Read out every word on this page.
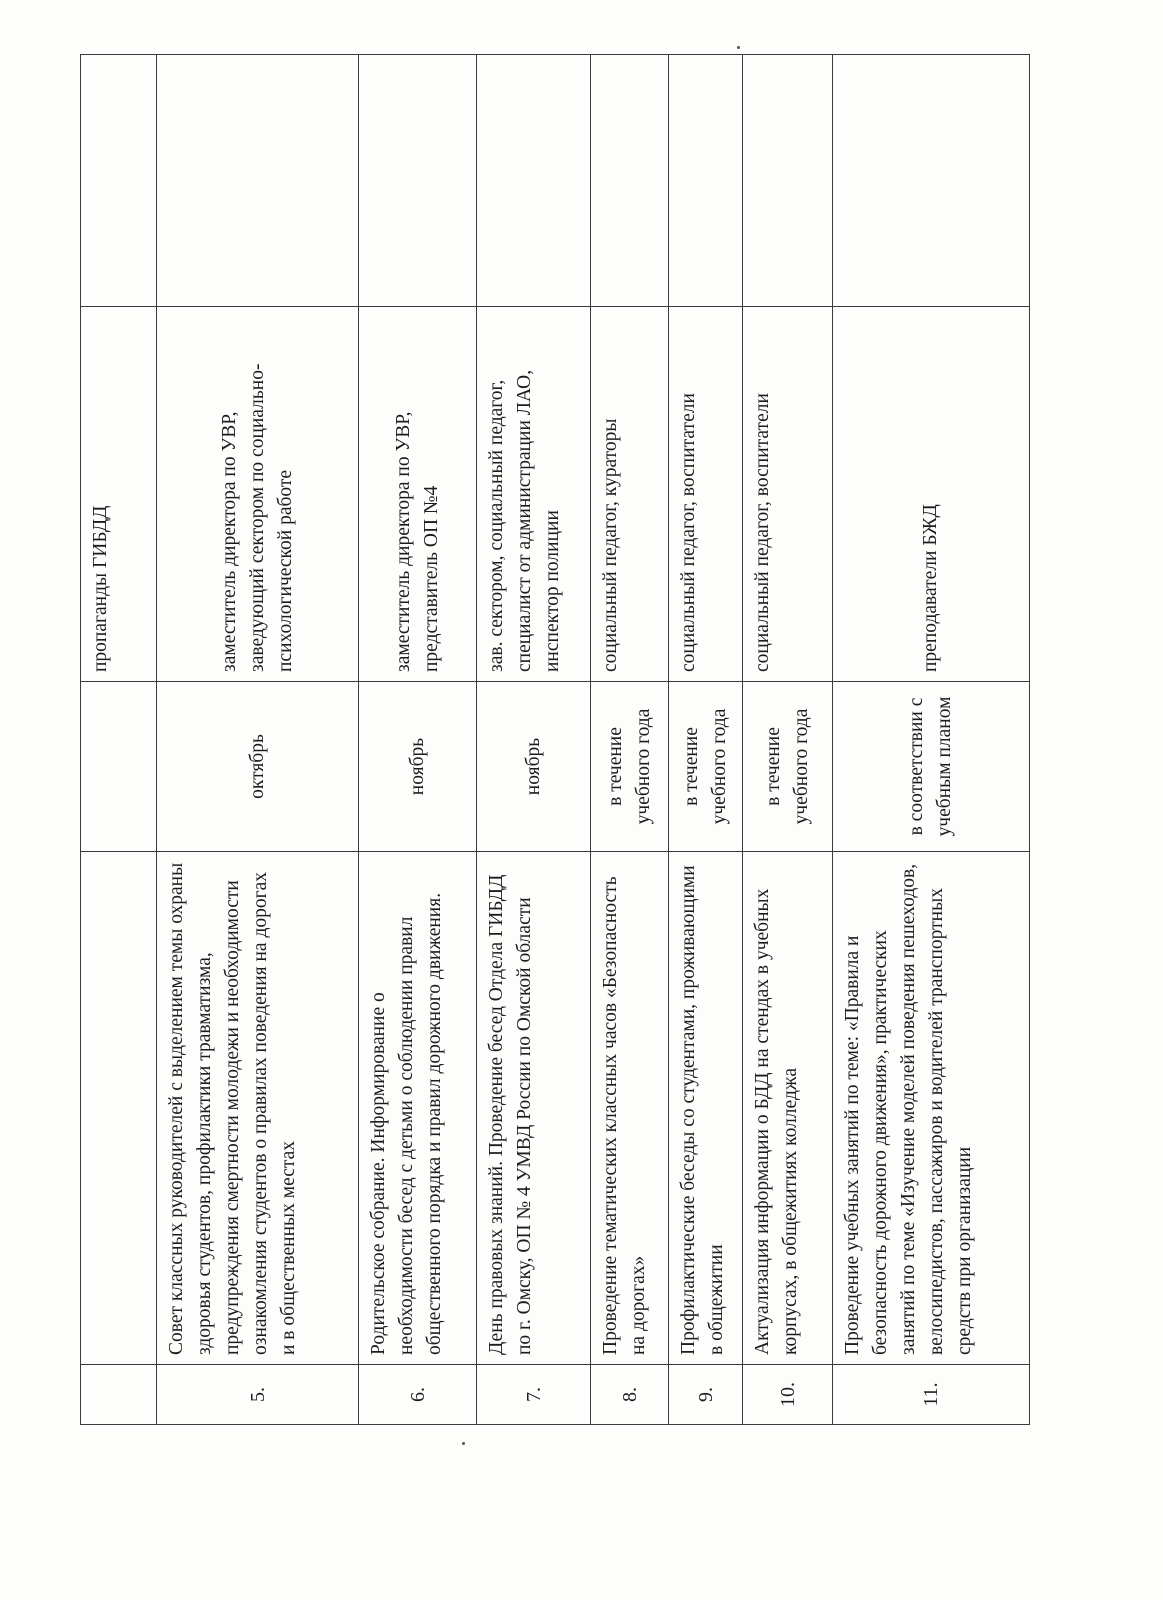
			пропаганды ГИБДД	
5.	Совет классных руководителей с выделением темы охраны здоровья студентов, профилактики травматизма, предупреждения смертности молодежи и необходимости ознакомления студентов о правилах поведения на дорогах и в общественных местах	октябрь	заместитель директора по УВР, заведующий сектором по социально-психологической работе	
6.	Родительское собрание. Информирование о необходимости бесед с детьми о соблюдении правил общественного порядка и правил дорожного движения.	ноябрь	заместитель директора по УВР, представитель ОП №4	
7.	День правовых знаний. Проведение бесед Отдела ГИБДД по г. Омску, ОП № 4 УМВД России по Омской области	ноябрь	зав. сектором, социальный педагог, специалист от администрации ЛАО, инспектор полиции	
8.	Проведение тематических классных часов «Безопасность на дорогах»	в течение учебного года	социальный педагог, кураторы	
9.	Профилактические беседы со студентами, проживающими в общежитии	в течение учебного года	социальный педагог, воспитатели	
10.	Актуализация информации о БДД на стендах в учебных корпусах, в общежитиях колледжа	в течение учебного года	социальный педагог, воспитатели	
11.	Проведение учебных занятий по теме: «Правила и безопасность дорожного движения», практических занятий по теме «Изучение моделей поведения пешеходов, велосипедистов, пассажиров и водителей транспортных средств при организации	в соответствии с учебным планом	преподаватели БЖД	
